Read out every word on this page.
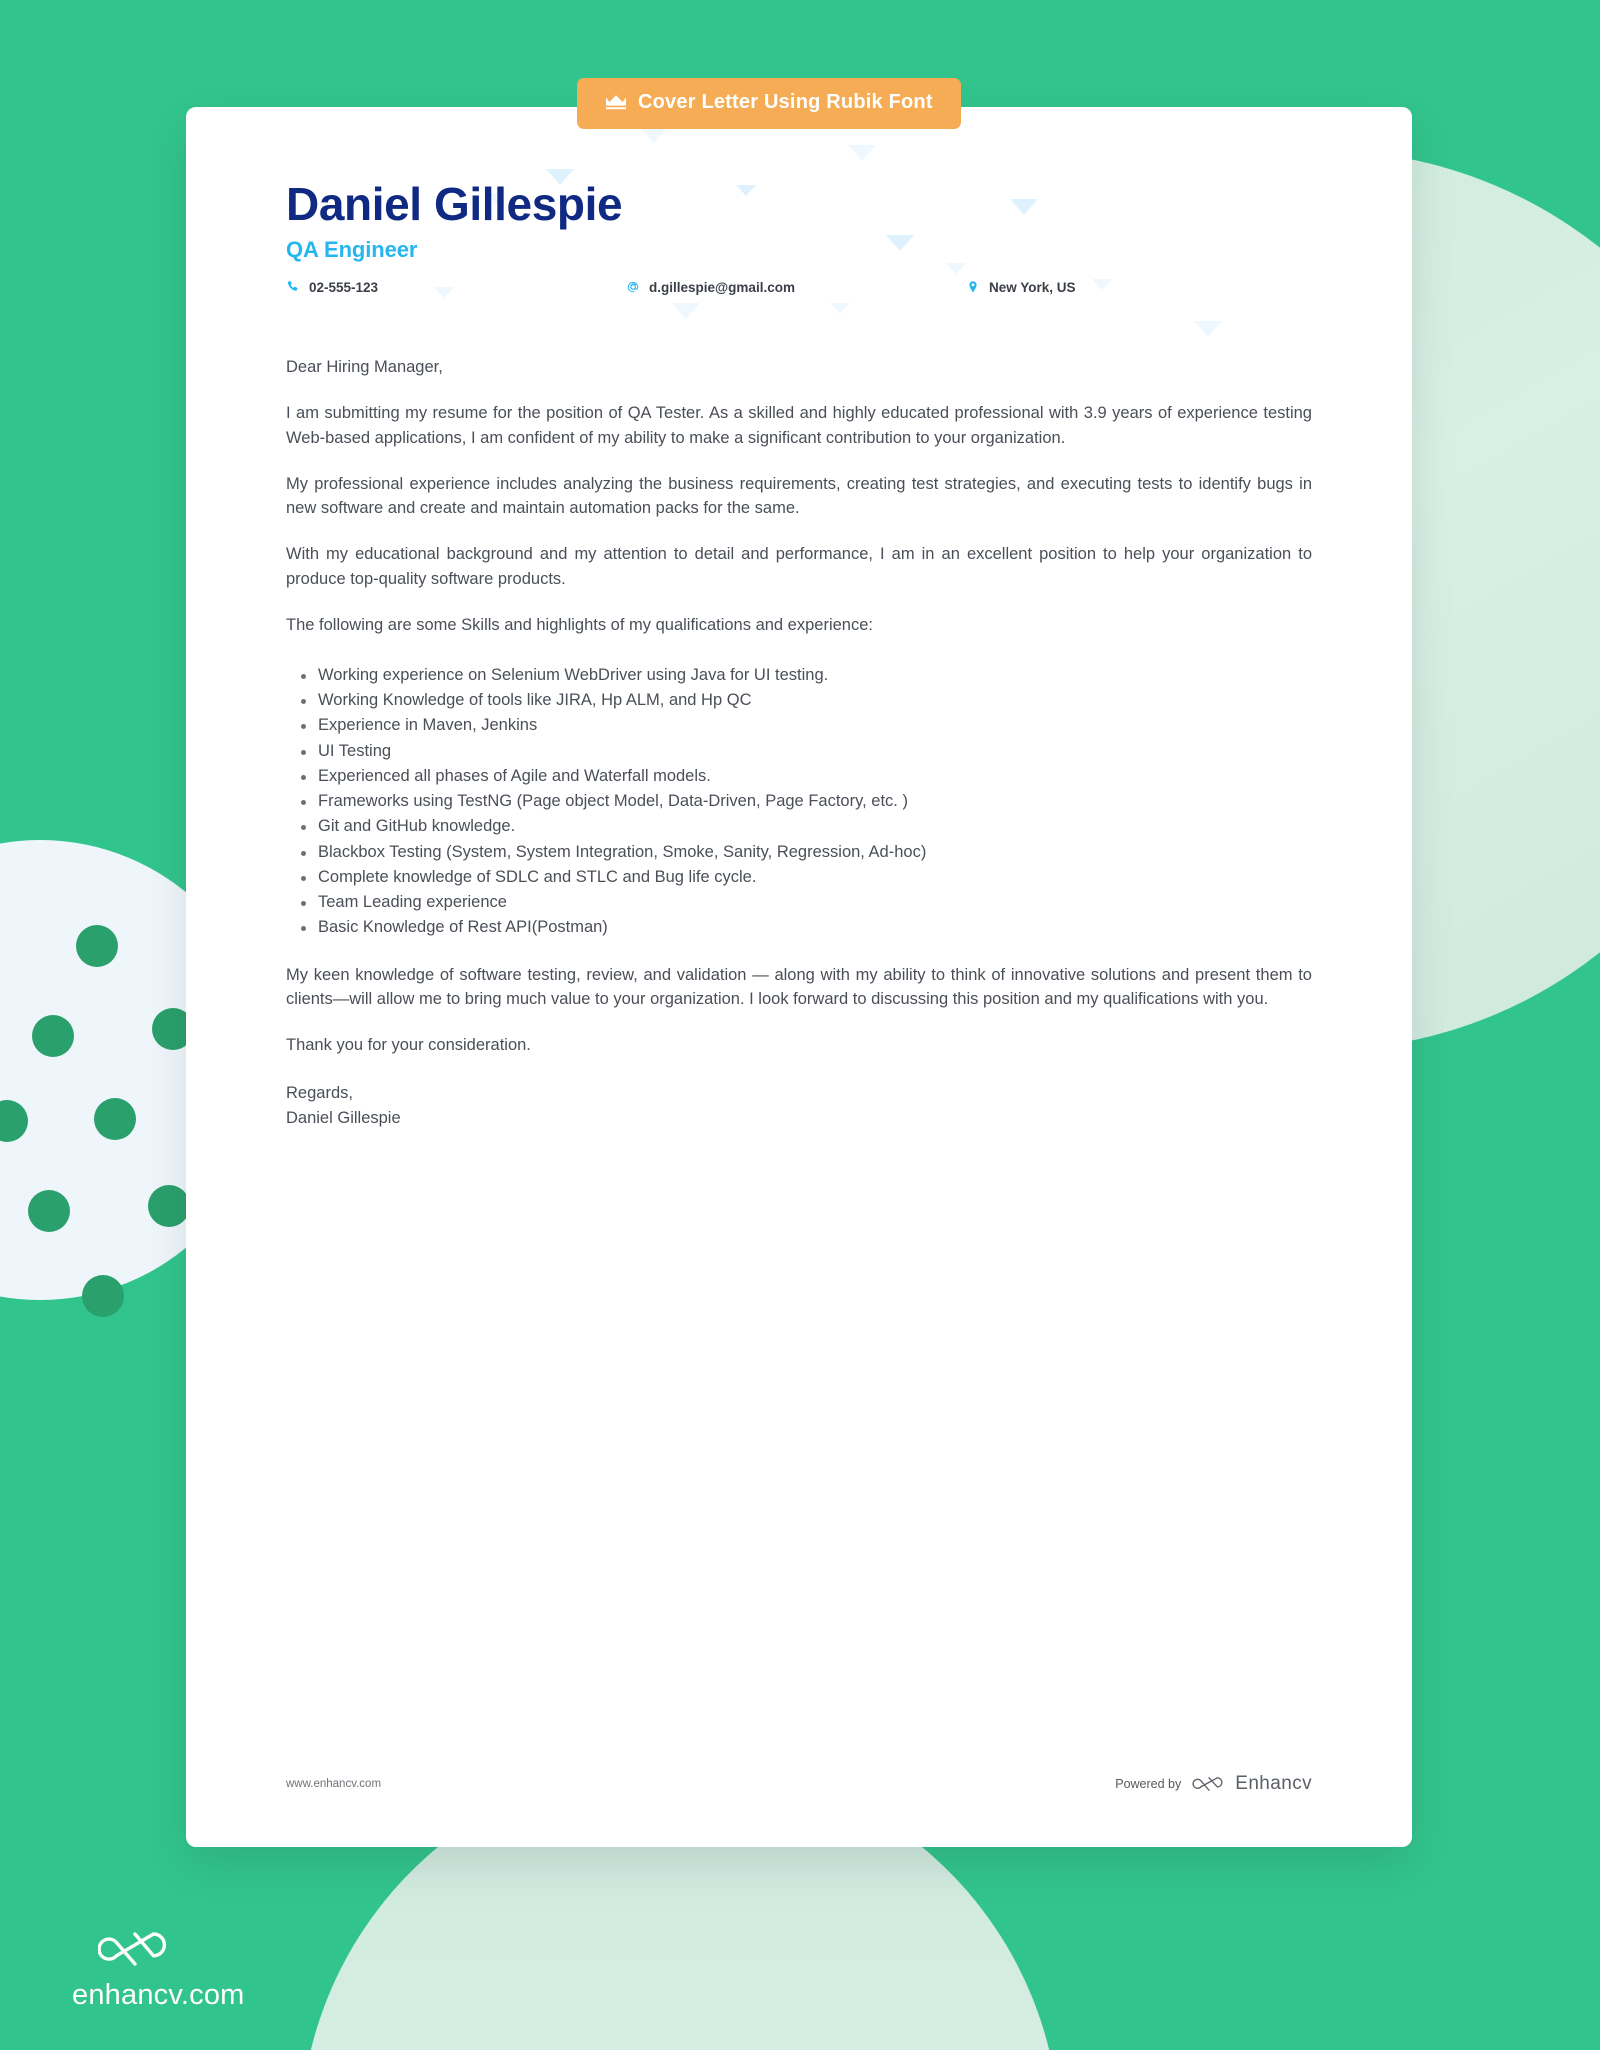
Daniel Gillespie
QA Engineer
02-555-123	d.gillespie@gmail.com	New York, US
Dear Hiring Manager,
I am submitting my resume for the position of QA Tester. As a skilled and highly educated professional with 3.9 years of experience testing Web-based applications, I am confident of my ability to make a significant contribution to your organization.
My professional experience includes analyzing the business requirements, creating test strategies, and executing tests to identify bugs in new software and create and maintain automation packs for the same.
With my educational background and my attention to detail and performance, I am in an excellent position to help your organization to produce top-quality software products.
The following are some Skills and highlights of my qualifications and experience:
Working experience on Selenium WebDriver using Java for UI testing.
Working Knowledge of tools like JIRA, Hp ALM, and Hp QC
Experience in Maven, Jenkins
UI Testing
Experienced all phases of Agile and Waterfall models.
Frameworks using TestNG (Page object Model, Data-Driven, Page Factory, etc. )
Git and GitHub knowledge.
Blackbox Testing (System, System Integration, Smoke, Sanity, Regression, Ad-hoc)
Complete knowledge of SDLC and STLC and Bug life cycle.
Team Leading experience
Basic Knowledge of Rest API(Postman)
My keen knowledge of software testing, review, and validation — along with my ability to think of innovative solutions and present them to clients—will allow me to bring much value to your organization. I look forward to discussing this position and my qualifications with you.
Thank you for your consideration.
Regards,
Daniel Gillespie
www.enhancv.com	Powered by	Enhancv
Cover Letter Using Rubik Font
enhancv.com
